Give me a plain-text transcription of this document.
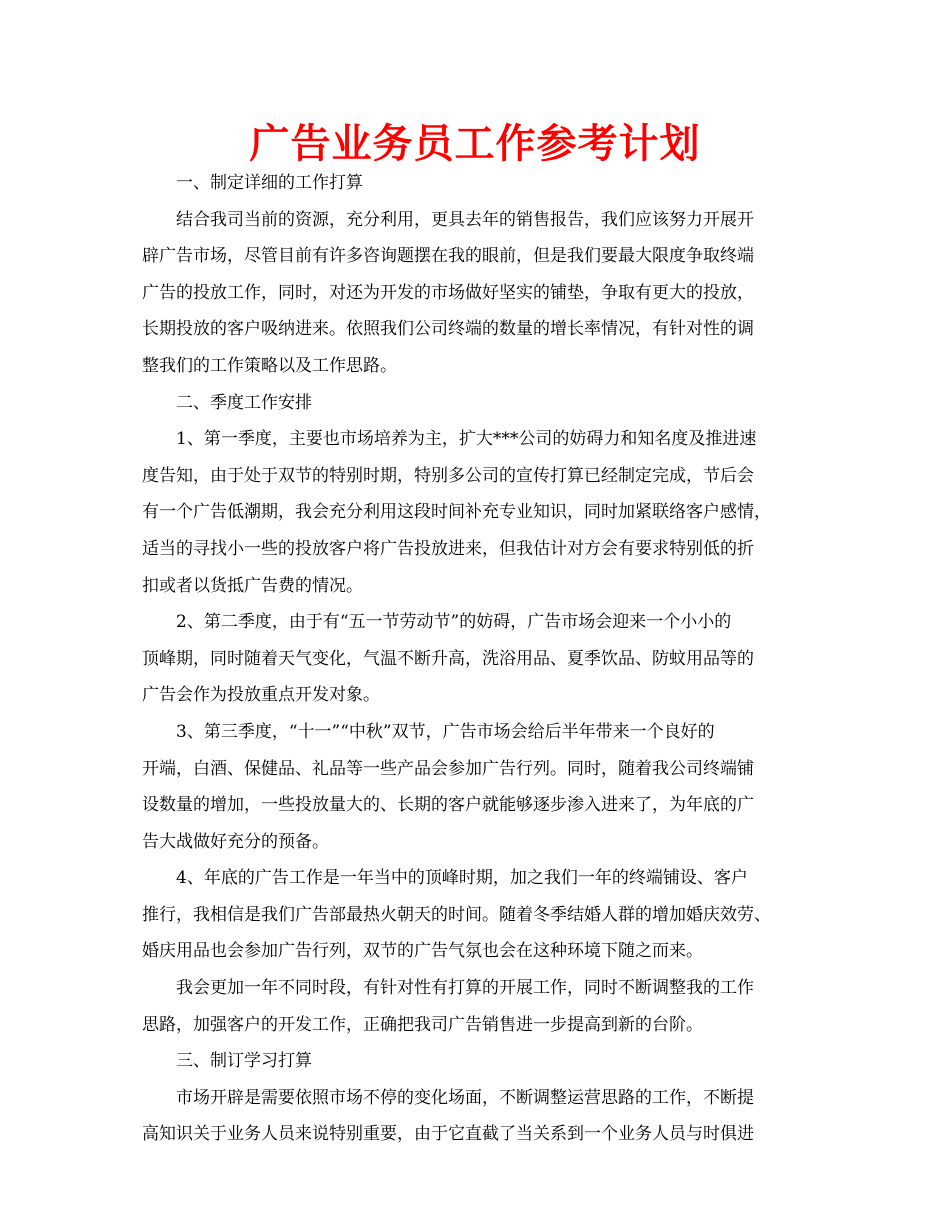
广告业务员工作参考计划
一、制定详细的工作打算
结合我司当前的资源，充分利用，更具去年的销售报告，我们应该努力开展开
辟广告市场，尽管目前有许多咨询题摆在我的眼前，但是我们要最大限度争取终端
广告的投放工作，同时，对还为开发的市场做好坚实的铺垫，争取有更大的投放，
长期投放的客户吸纳进来。依照我们公司终端的数量的增长率情况，有针对性的调
整我们的工作策略以及工作思路。
二、季度工作安排
1、第一季度，主要也市场培养为主，扩大***公司的妨碍力和知名度及推进速
度告知，由于处于双节的特别时期，特别多公司的宣传打算已经制定完成，节后会
有一个广告低潮期，我会充分利用这段时间补充专业知识，同时加紧联络客户感情，
适当的寻找小一些的投放客户将广告投放进来，但我估计对方会有要求特别低的折
扣或者以货抵广告费的情况。
2、第二季度，由于有“五一节劳动节”的妨碍，广告市场会迎来一个小小的
顶峰期，同时随着天气变化，气温不断升高，洗浴用品、夏季饮品、防蚊用品等的
广告会作为投放重点开发对象。
3、第三季度，“十一”“中秋”双节，广告市场会给后半年带来一个良好的
开端，白酒、保健品、礼品等一些产品会参加广告行列。同时，随着我公司终端铺
设数量的增加，一些投放量大的、长期的客户就能够逐步渗入进来了，为年底的广
告大战做好充分的预备。
4、年底的广告工作是一年当中的顶峰时期，加之我们一年的终端铺设、客户
推行，我相信是我们广告部最热火朝天的时间。随着冬季结婚人群的增加婚庆效劳、
婚庆用品也会参加广告行列，双节的广告气氛也会在这种环境下随之而来。
我会更加一年不同时段，有针对性有打算的开展工作，同时不断调整我的工作
思路，加强客户的开发工作，正确把我司广告销售进一步提高到新的台阶。
三、制订学习打算
市场开辟是需要依照市场不停的变化场面，不断调整运营思路的工作，不断提
高知识关于业务人员来说特别重要，由于它直截了当关系到一个业务人员与时俱进
